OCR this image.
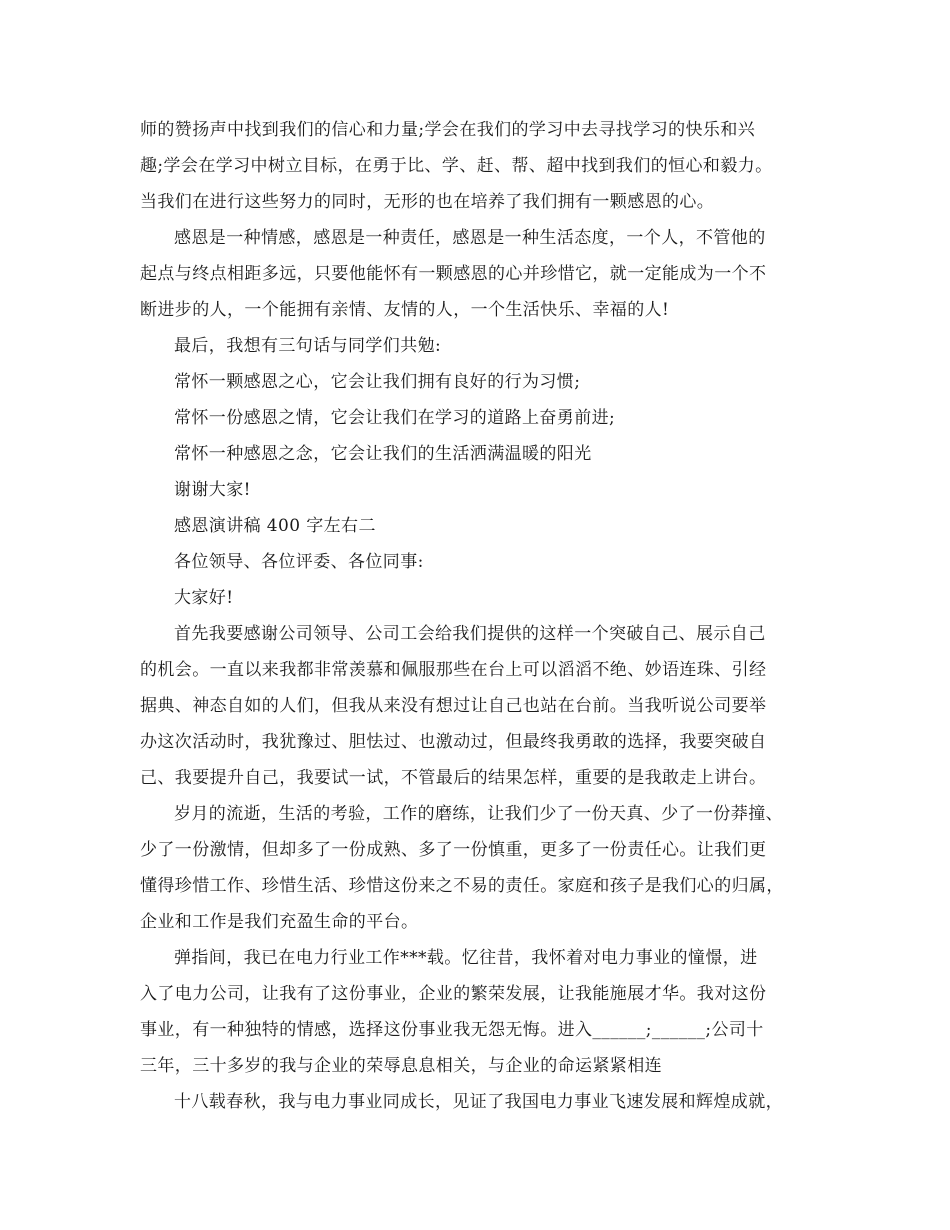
师的赞扬声中找到我们的信心和力量;学会在我们的学习中去寻找学习的快乐和兴
趣;学会在学习中树立目标，在勇于比、学、赶、帮、超中找到我们的恒心和毅力。
当我们在进行这些努力的同时，无形的也在培养了我们拥有一颗感恩的心。
感恩是一种情感，感恩是一种责任，感恩是一种生活态度，一个人，不管他的
起点与终点相距多远，只要他能怀有一颗感恩的心并珍惜它，就一定能成为一个不
断进步的人，一个能拥有亲情、友情的人，一个生活快乐、幸福的人!
最后，我想有三句话与同学们共勉:
常怀一颗感恩之心，它会让我们拥有良好的行为习惯;
常怀一份感恩之情，它会让我们在学习的道路上奋勇前进;
常怀一种感恩之念，它会让我们的生活洒满温暖的阳光
谢谢大家!
感恩演讲稿 400 字左右二
各位领导、各位评委、各位同事:
大家好!
首先我要感谢公司领导、公司工会给我们提供的这样一个突破自己、展示自己
的机会。一直以来我都非常羡慕和佩服那些在台上可以滔滔不绝、妙语连珠、引经
据典、神态自如的人们，但我从来没有想过让自己也站在台前。当我听说公司要举
办这次活动时，我犹豫过、胆怯过、也激动过，但最终我勇敢的选择，我要突破自
己、我要提升自己，我要试一试，不管最后的结果怎样，重要的是我敢走上讲台。
岁月的流逝，生活的考验，工作的磨练，让我们少了一份天真、少了一份莽撞、
少了一份激情，但却多了一份成熟、多了一份慎重，更多了一份责任心。让我们更
懂得珍惜工作、珍惜生活、珍惜这份来之不易的责任。家庭和孩子是我们心的归属，
企业和工作是我们充盈生命的平台。
弹指间，我已在电力行业工作***载。忆往昔，我怀着对电力事业的憧憬，进
入了电力公司，让我有了这份事业，企业的繁荣发展，让我能施展才华。我对这份
事业，有一种独特的情感，选择这份事业我无怨无悔。进入______;______;公司十
三年，三十多岁的我与企业的荣辱息息相关，与企业的命运紧紧相连
十八载春秋，我与电力事业同成长，见证了我国电力事业飞速发展和辉煌成就，
